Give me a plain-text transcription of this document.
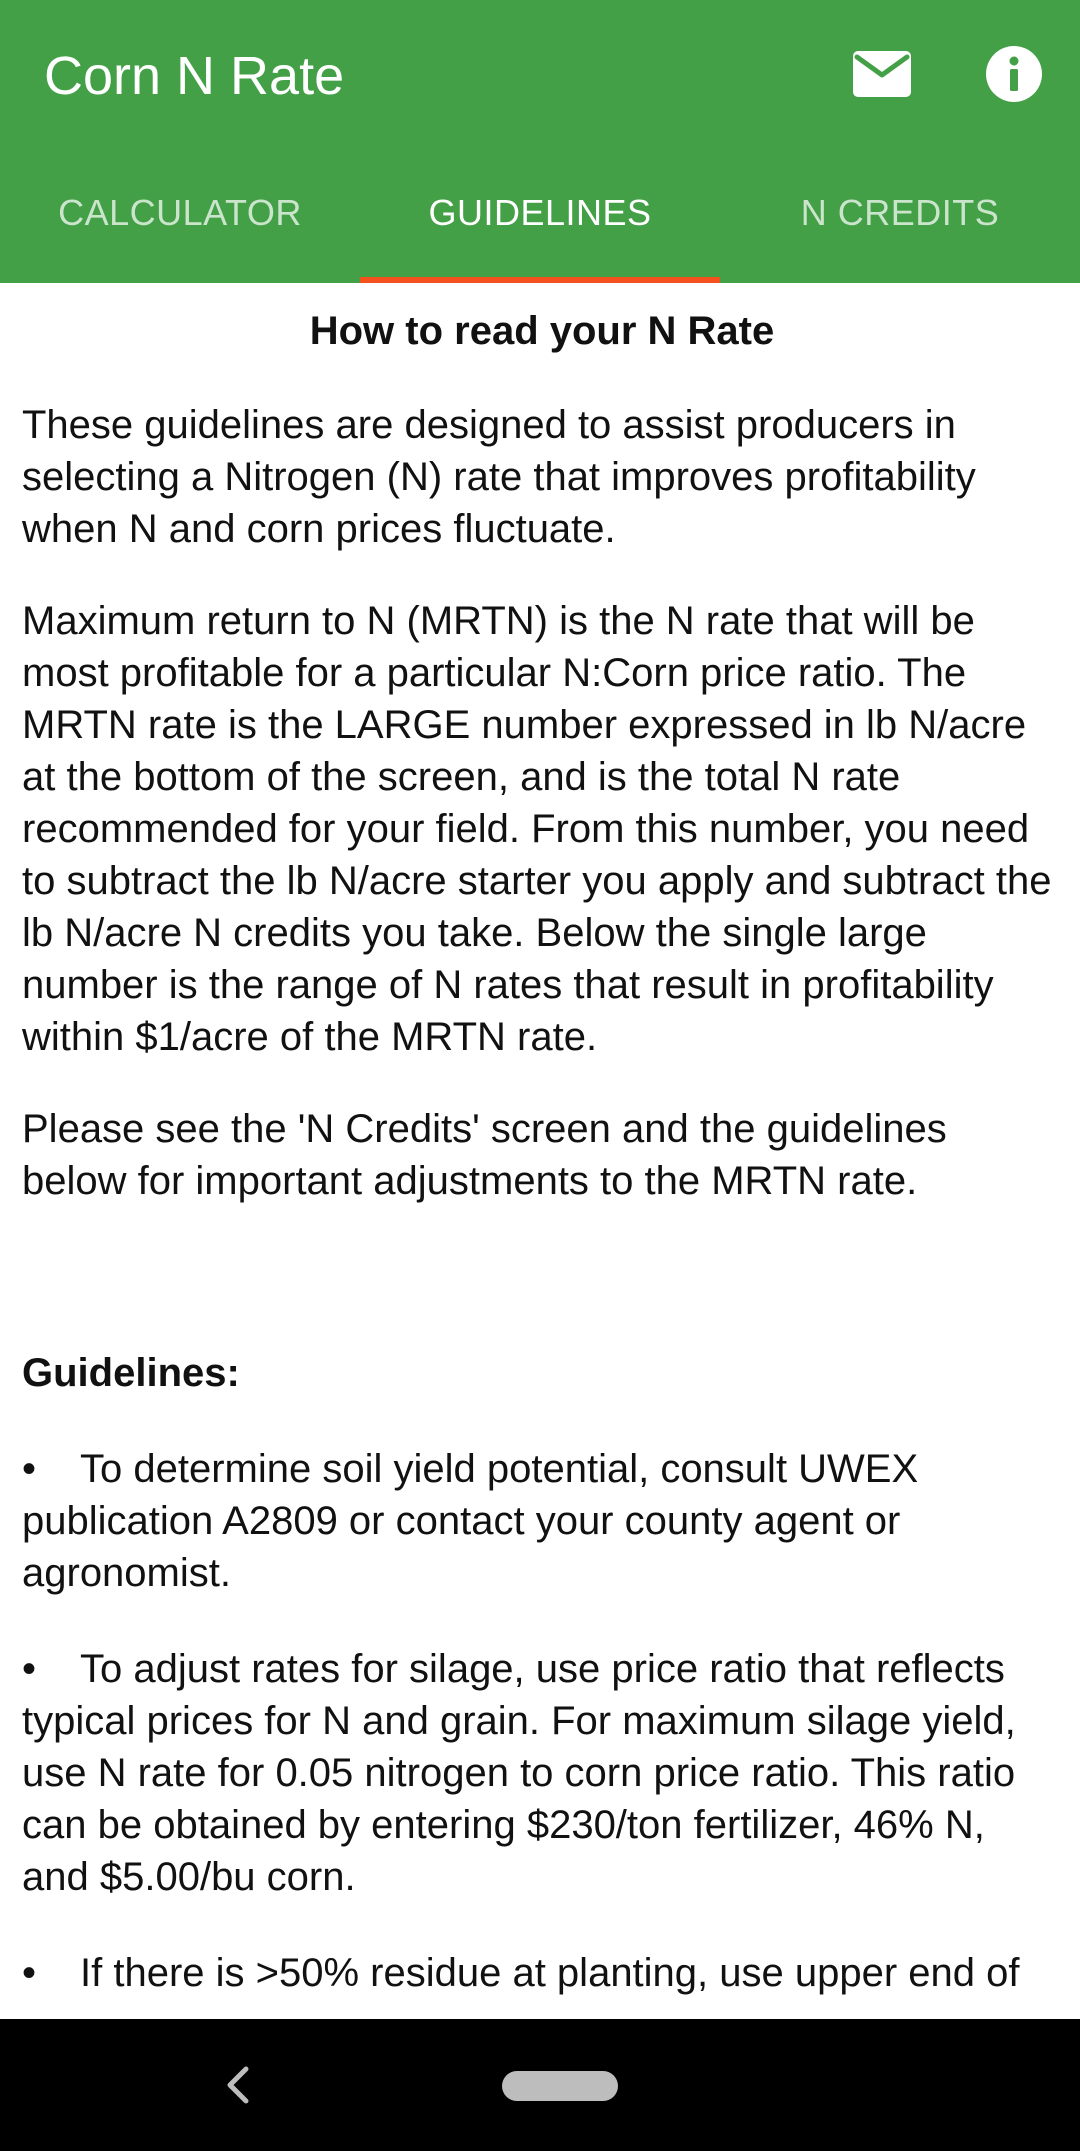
Corn N Rate
CALCULATOR	GUIDELINES	N CREDITS
How to read your N Rate

These guidelines are designed to assist producers in selecting a Nitrogen (N) rate that improves profitability when N and corn prices fluctuate.

Maximum return to N (MRTN) is the N rate that will be most profitable for a particular N:Corn price ratio. The MRTN rate is the LARGE number expressed in lb N/acre at the bottom of the screen, and is the total N rate recommended for your field. From this number, you need to subtract the lb N/acre starter you apply and subtract the lb N/acre N credits you take. Below the single large number is the range of N rates that result in profitability within $1/acre of the MRTN rate.

Please see the 'N Credits' screen and the guidelines below for important adjustments to the MRTN rate.

Guidelines:
• To determine soil yield potential, consult UWEX publication A2809 or contact your county agent or agronomist.
• To adjust rates for silage, use price ratio that reflects typical prices for N and grain. For maximum silage yield, use N rate for 0.05 nitrogen to corn price ratio. This ratio can be obtained by entering $230/ton fertilizer, 46% N, and $5.00/bu corn.
• If there is >50% residue at planting, use upper end of
